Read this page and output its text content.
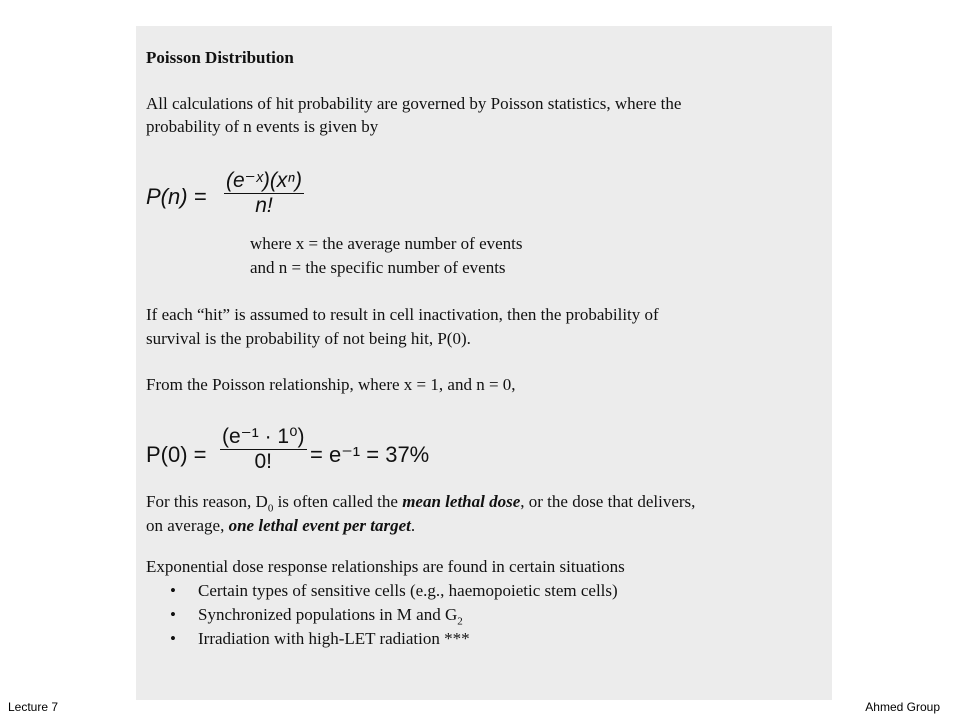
Poisson Distribution
All calculations of hit probability are governed by Poisson statistics, where the
probability of n events is given by
P(n) =
(e⁻ˣ)(xⁿ)
n!
where x = the average number of events
and n = the specific number of events
If each “hit” is assumed to result in cell inactivation, then the probability of
survival is the probability of not being hit, P(0).
From the Poisson relationship, where x = 1, and n = 0,
P(0) =
(e⁻¹ · 1⁰)
0!	= e⁻¹ = 37%
For this reason, $D_0$ is often called the mean lethal dose, or the dose that delivers,
on average, one lethal event per target.
Exponential dose response relationships are found in certain situations
• Certain types of sensitive cells (e.g., haemopoietic stem cells)
• Synchronized populations in M and $G_2$
• Irradiation with high-LET radiation ***
Lecture 7	Ahmed Group
